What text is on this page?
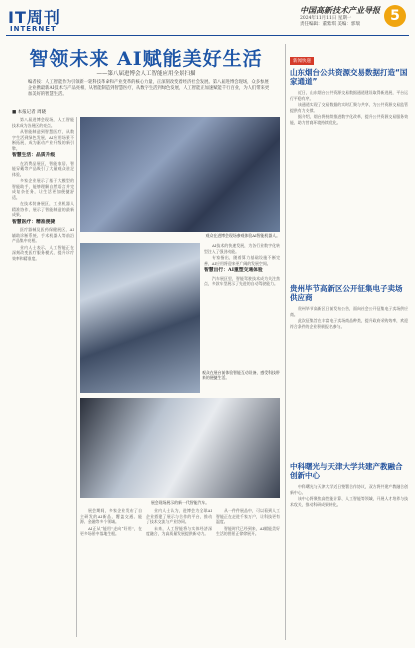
IT周刊
INTERNET
中国高新技术产业导报
2024年11月11日 星期一
责任编辑：董紫琪 美编：郭瑞
5
智领未来 AI赋能美好生活
——第八届进博会人工智能应用全景扫描
编者按：人工智能作为引领新一轮科技革命和产业变革的核心力量，正深刻改变着经济社会发展。第八届进博会现场，众多参展企业携最新AI技术与产品亮相，从智能制造到智慧医疗，从数字生活到绿色发展，人工智能正加速赋能千行百业，为人们带来更加美好的智慧生活。
■ 本报记者 周晓

第八届进博会现场，人工智能技术成为各展区的亮点。

从智能制造到智慧医疗，从数字生活到绿色发展，AI应用场景不断拓展，成为驱动产业升级的新引擎。

智慧生活：品质升级

在消费品展区，智能家居、智能穿戴等产品吸引了大量观众驻足体验。

多家企业展示了基于大模型的智能助手，能够理解自然语言并完成复杂任务，让生活更加便捷舒适。

在技术装备展区，工业机器人精准协作，展示了智能制造的最新成果。

智慧医疗：精准便捷

医疗器械及医药保健展区，AI辅助诊断系统、手术机器人等前沿产品集中亮相。

业内人士表示，人工智能正在深刻改变医疗服务模式，提升诊疗效率和精准度。

观众在进博会现场参观体验AI智能机器人。
观众在展台前体验智能互动设备，感受科技带来的便捷生活。

AI技术的快速发展，为各行业数字化转型注入了强劲动能。

专家指出，随着算力基础设施不断完善，AI应用将迎来更广阔的发展空间。

智慧出行：AI重塑交通体验

汽车展区里，智能驾驶技术成为关注焦点，多款车型展示了先进的自动驾驶能力。

展会现场展示的新一代智能汽车。

展会期间，多家企业发布了自主研发的AI新品，覆盖交通、能源、金融等多个领域。

AI正从“能用”走向“好用”，在更多场景中落地生根。

业内人士认为，进博会为全球AI企业搭建了展示与合作的平台，推动了技术交流与产业协同。

未来，人工智能将与实体经济深度融合，为高质量发展提供新动力。

从一件件展品中，可以看到人工智能正在走进千家万户，让科技更有温度。

智能时代已经到来，AI赋能美好生活的图景正徐徐展开。

新闻快递
山东烟台公共资源交易数据打造“国家通道”

近日，山东烟台公共资源交易数据通道建设取得新进展，平台运行平稳有序。

该通道实现了交易数据的实时汇聚与共享，为公共资源交易监管提供有力支撑。

据介绍，烟台将持续推进数字化改革，提升公共资源交易服务效能，助力营商环境持续优化。

贵州毕节高新区公开征集电子卖场供应商

贵州毕节高新区日前发布公告，面向社会公开征集电子卖场供应商。

此次征集旨在丰富电子卖场商品种类，提升政府采购效率，欢迎符合条件的企业积极报名参与。

中科曙光与天津大学共建产教融合创新中心

中科曙光与天津大学近日签署合作协议，双方将共建产教融合创新中心。

该中心将聚焦高性能计算、人工智能等领域，开展人才培养与技术攻关，推动科研成果转化。
